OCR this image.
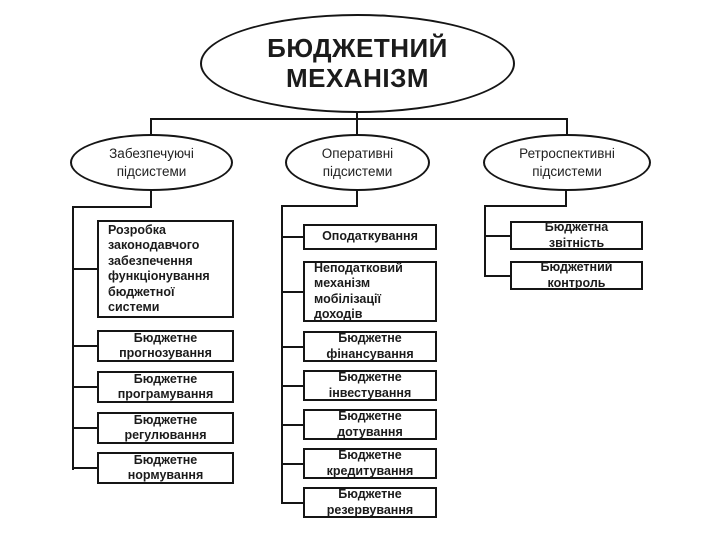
БЮДЖЕТНИЙ МЕХАНІЗМ
Забезпечуючі підсистеми
Оперативні підсистеми
Ретроспективні підсистеми
Розробка законодавчого забезпечення функціонування бюджетної системи
Бюджетне прогнозування
Бюджетне програмування
Бюджетне регулювання
Бюджетне нормування
Оподаткування
Неподатковий механізм мобілізації доходів
Бюджетне фінансування
Бюджетне інвестування
Бюджетне дотування
Бюджетне кредитування
Бюджетне резервування
Бюджетна звітність
Бюджетний контроль
